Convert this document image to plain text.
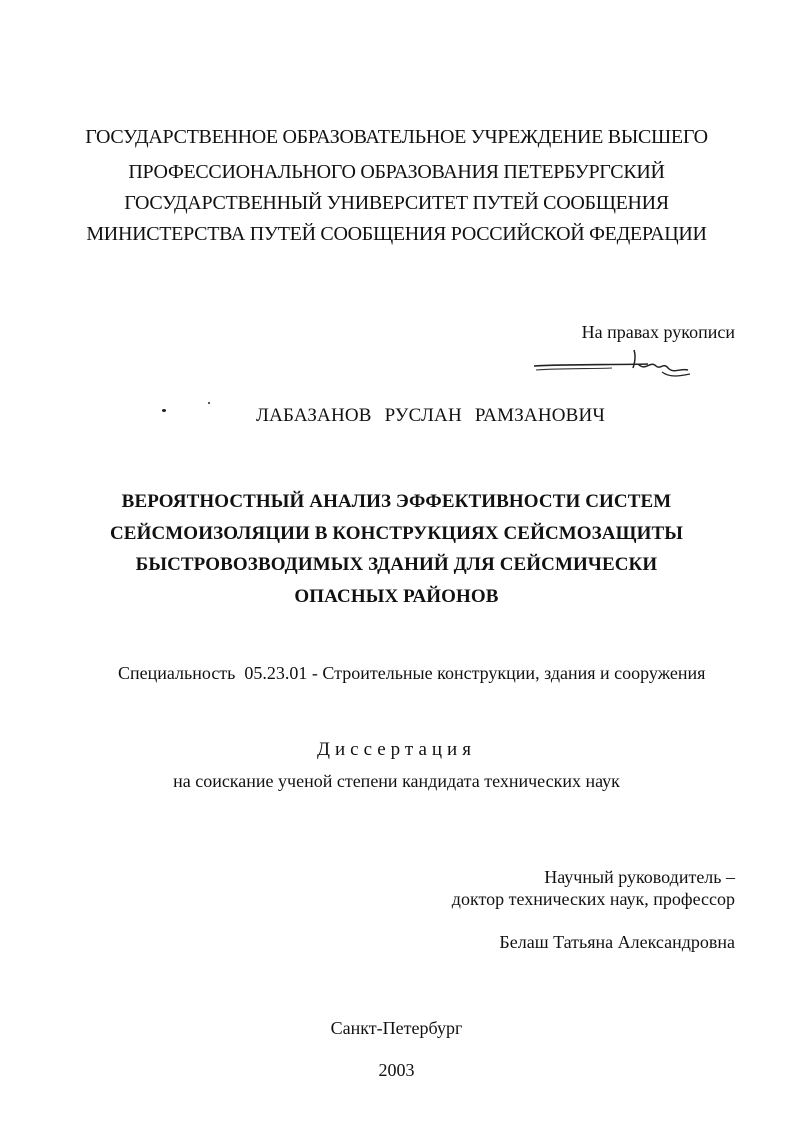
ГОСУДАРСТВЕННОЕ ОБРАЗОВАТЕЛЬНОЕ УЧРЕЖДЕНИЕ ВЫСШЕГО
ПРОФЕССИОНАЛЬНОГО ОБРАЗОВАНИЯ ПЕТЕРБУРГСКИЙ
ГОСУДАРСТВЕННЫЙ УНИВЕРСИТЕТ ПУТЕЙ СООБЩЕНИЯ
МИНИСТЕРСТВА ПУТЕЙ СООБЩЕНИЯ РОССИЙСКОЙ ФЕДЕРАЦИИ
На правах рукописи
ЛАБАЗАНОВ РУСЛАН РАМЗАНОВИЧ
ВЕРОЯТНОСТНЫЙ АНАЛИЗ ЭФФЕКТИВНОСТИ СИСТЕМ
СЕЙСМОИЗОЛЯЦИИ В КОНСТРУКЦИЯХ СЕЙСМОЗАЩИТЫ
БЫСТРОВОЗВОДИМЫХ ЗДАНИЙ ДЛЯ СЕЙСМИЧЕСКИ
ОПАСНЫХ РАЙОНОВ
Специальность  05.23.01 - Строительные конструкции, здания и сооружения
Диссертация
на соискание ученой степени кандидата технических наук
Научный руководитель –
доктор технических наук, профессор
Белаш Татьяна Александровна
Санкт-Петербург
2003
